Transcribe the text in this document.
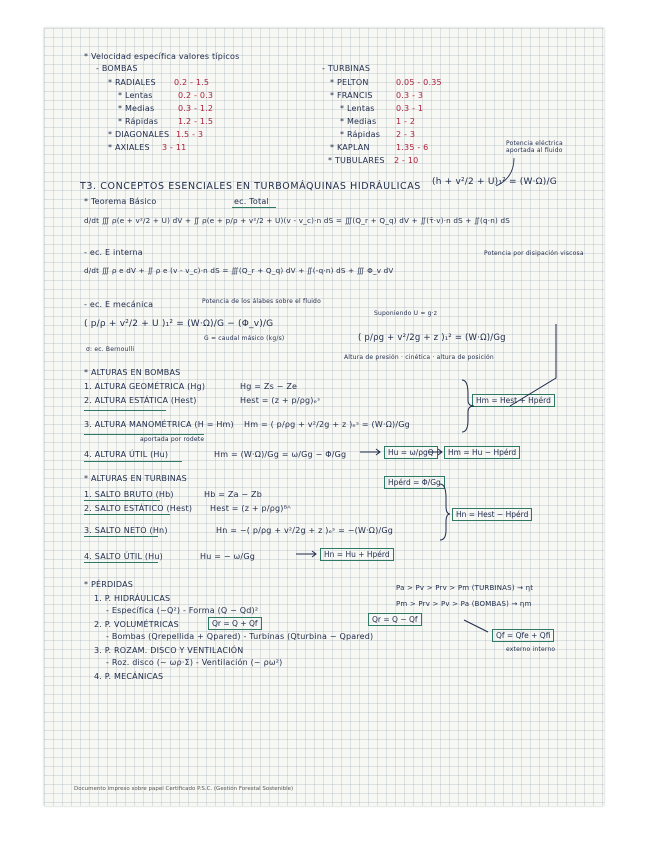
* Velocidad específica valores típicos
- BOMBAS
* RADIALES 0.2 - 1.5
* Lentas	0.2 - 0.3
* Medias	0.3 - 1.2
* Rápidas 1.2 - 1.5
* DIAGONALES 1.5 - 3
* AXIALES 3 - 11
- TURBINAS
* PELTON	0.05 - 0.35
* FRANCIS	0.3 - 3
* Lentas	0.3 - 1
* Medias 1 - 2
* Rápidas 2 - 3
* KAPLAN	1.35 - 6
* TUBULARES 2 - 10
Potencia eléctrica aportada al fluido
T3. CONCEPTOS ESENCIALES EN TURBOMÁQUINAS HIDRÁULICAS (h + v²/2 + U)₁² = (W·Ω)/G
* Teorema Básico	ec. Total
d/dt ∭ ρ(e + v²/2 + U) dV + ∬ ρ(e + p/ρ + v²/2 + U)(v - v_c)·n dS = ∭(Q_r + Q_q) dV + ∬(τ̄·v)·n dS + ∬(q·n) dS
Potencia por disipación viscosa
- ec. E interna
d/dt ∭ ρ e dV + ∬ ρ e (v - v_c)·n dS = ∭(Q_r + Q_q) dV + ∬(-q·n) dS + ∭ Φ_v dV
- ec. E mecánica	Potencia de los álabes sobre el fluido
( p/ρ + v²/2 + U )₁² = (W·Ω)/G − (Φ_v)/G
G = caudal másico (kg/s)
σ: ec. Bernoulli
Suponiendo U = g·z
( p/ρg + v²/2g + z )₁² = (W·Ω)/Gg
Altura de presión · cinética · altura de posición
* ALTURAS EN BOMBAS
1. ALTURA GEOMÉTRICA (Hg)	Hg = Zs − Ze
2. ALTURA ESTÁTICA (Hest)	Hest = (z + p/ρg)ₑˢ
3. ALTURA MANOMÉTRICA (H = Hm) Hm = ( p/ρg + v²/2g + z )ₑˢ = (W·Ω)/Gg
aportada por rodete
4. ALTURA ÚTIL (Hu)	Hm = (W·Ω)/Gg = ω/Gg − Φ/Gg
Hm = Hest + Hpérd
Hu = ω/ρgQ	Hm = Hu − Hpérd
* ALTURAS EN TURBINAS
1. SALTO BRUTO (Hb)	Hb = Za − Zb
2. SALTO ESTÁTICO (Hest) Hest = (z + p/ρg)ᴮᴬ
3. SALTO NETO (Hn)	Hn = −( p/ρg + v²/2g + z )ₑˢ = −(W·Ω)/Gg
4. SALTO ÚTIL (Hu)	Hu = − ω/Gg
Hpérd = Φ/Gg
Hn = Hest − Hpérd
Hn = Hu + Hpérd
* PÉRDIDAS
1. P. HIDRÁULICAS
- Específica (~Q²) - Forma (Q − Qd)²
2. P. VOLUMÉTRICAS
- Bombas (Qrepellida + Qpared) - Turbinas (Qturbina − Qpared)
3. P. ROZAM. DISCO Y VENTILACIÓN
- Roz. disco (~ ωρ·Σ) - Ventilación (~ ρω²)
4. P. MECÁNICAS
Qr = Q + Qf	Qr = Q − Qf
Qf = Qfe + Qfi
externo interno
Pa > Pv > Prv > Pm (TURBINAS) → ηt
Pm > Prv > Pv > Pa (BOMBAS) → ηm
Documento impreso sobre papel Certificado P.S.C. (Gestión Forestal Sostenible)
